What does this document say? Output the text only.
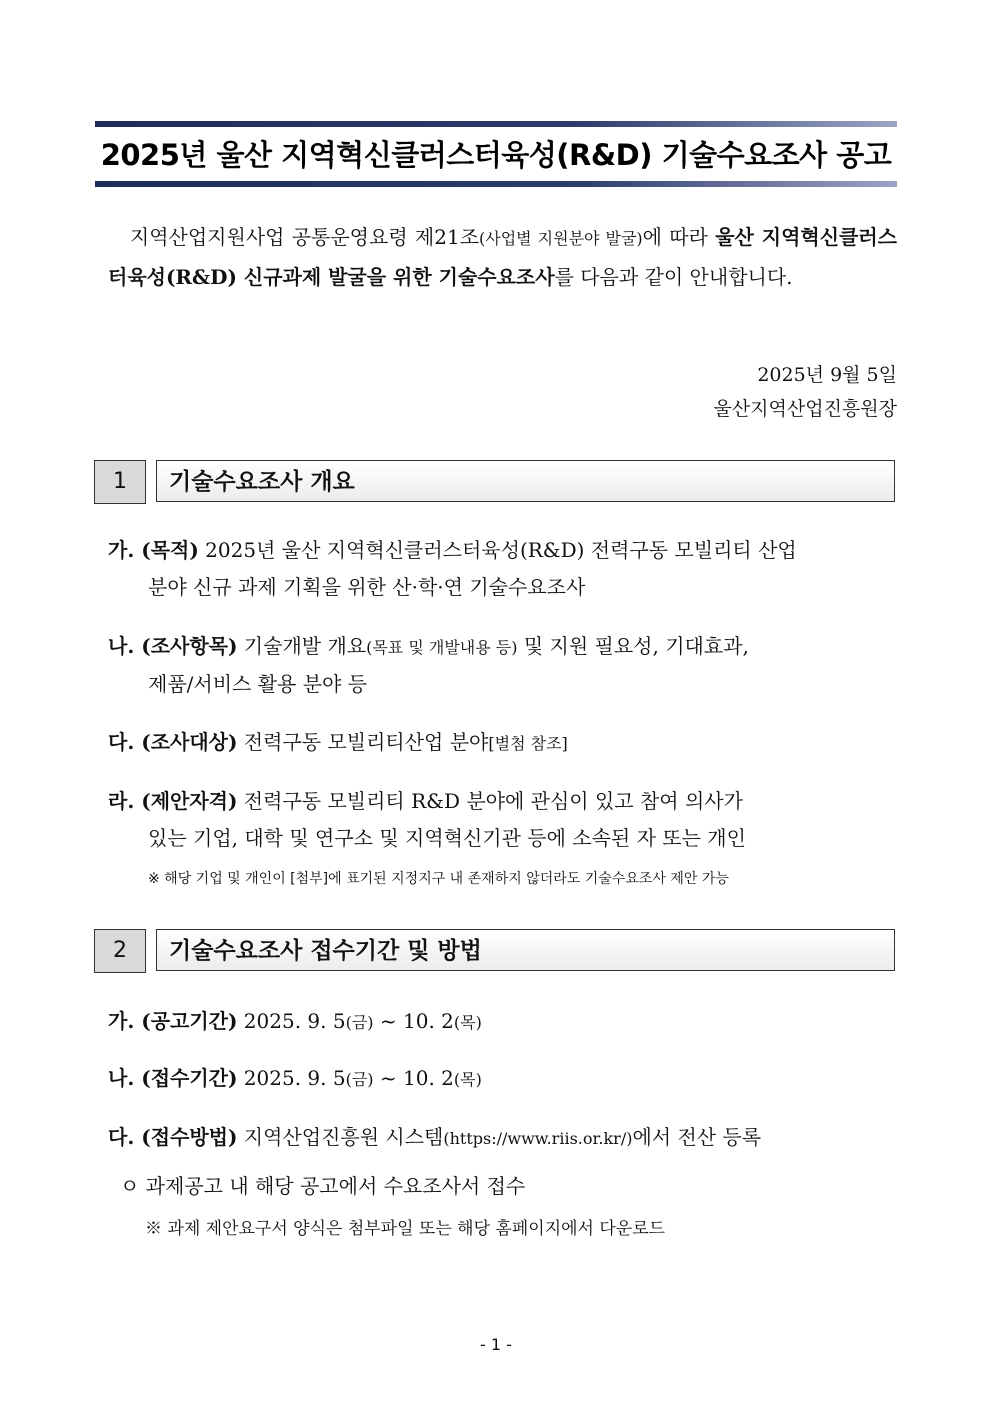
2025년 울산 지역혁신클러스터육성(R&D) 기술수요조사 공고
지역산업지원사업 공통운영요령 제21조(사업별 지원분야 발굴)에 따라 울산 지역혁신클러스터육성(R&D) 신규과제 발굴을 위한 기술수요조사를 다음과 같이 안내합니다.
2025년 9월 5일
울산지역산업진흥원장
1	기술수요조사 개요
가. (목적) 2025년 울산 지역혁신클러스터육성(R&D) 전력구동 모빌리티 산업
분야 신규 과제 기획을 위한 산·학·연 기술수요조사
나. (조사항목) 기술개발 개요(목표 및 개발내용 등) 및 지원 필요성, 기대효과,
제품/서비스 활용 분야 등
다. (조사대상) 전력구동 모빌리티산업 분야[별첨 참조]
라. (제안자격) 전력구동 모빌리티 R&D 분야에 관심이 있고 참여 의사가
있는 기업, 대학 및 연구소 및 지역혁신기관 등에 소속된 자 또는 개인
※ 해당 기업 및 개인이 [첨부]에 표기된 지정지구 내 존재하지 않더라도 기술수요조사 제안 가능
2	기술수요조사 접수기간 및 방법
가. (공고기간) 2025. 9. 5(금) ~ 10. 2(목)
나. (접수기간) 2025. 9. 5(금) ~ 10. 2(목)
다. (접수방법) 지역산업진흥원 시스템(https://www.riis.or.kr/)에서 전산 등록
ㅇ 과제공고 내 해당 공고에서 수요조사서 접수
※ 과제 제안요구서 양식은 첨부파일 또는 해당 홈페이지에서 다운로드
- 1 -
